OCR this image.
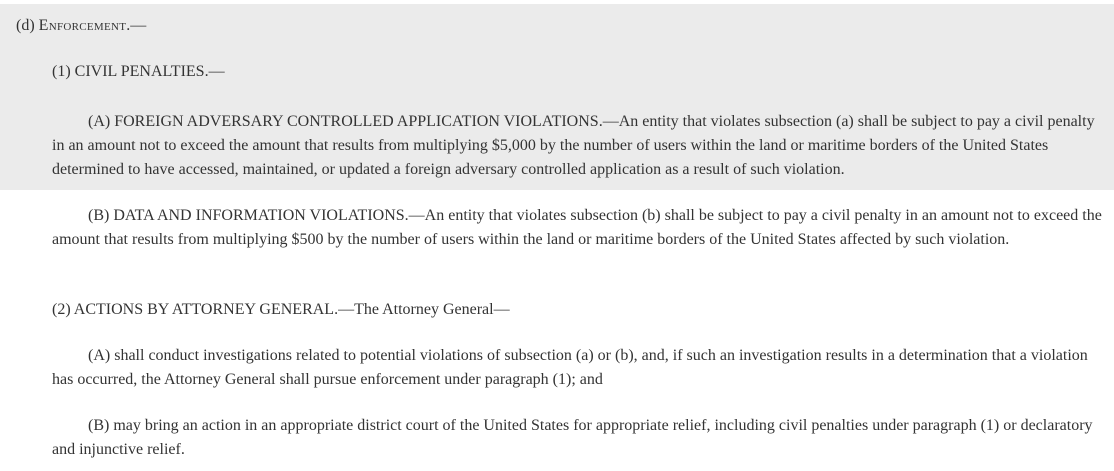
(d) Enforcement.—

(1) CIVIL PENALTIES.—

(A) FOREIGN ADVERSARY CONTROLLED APPLICATION VIOLATIONS.—An entity that violates subsection (a) shall be subject to pay a civil penalty in an amount not to exceed the amount that results from multiplying $5,000 by the number of users within the land or maritime borders of the United States determined to have accessed, maintained, or updated a foreign adversary controlled application as a result of such violation.

(B) DATA AND INFORMATION VIOLATIONS.—An entity that violates subsection (b) shall be subject to pay a civil penalty in an amount not to exceed the amount that results from multiplying $500 by the number of users within the land or maritime borders of the United States affected by such violation.

(2) ACTIONS BY ATTORNEY GENERAL.—The Attorney General—

(A) shall conduct investigations related to potential violations of subsection (a) or (b), and, if such an investigation results in a determination that a violation has occurred, the Attorney General shall pursue enforcement under paragraph (1); and

(B) may bring an action in an appropriate district court of the United States for appropriate relief, including civil penalties under paragraph (1) or declaratory and injunctive relief.
